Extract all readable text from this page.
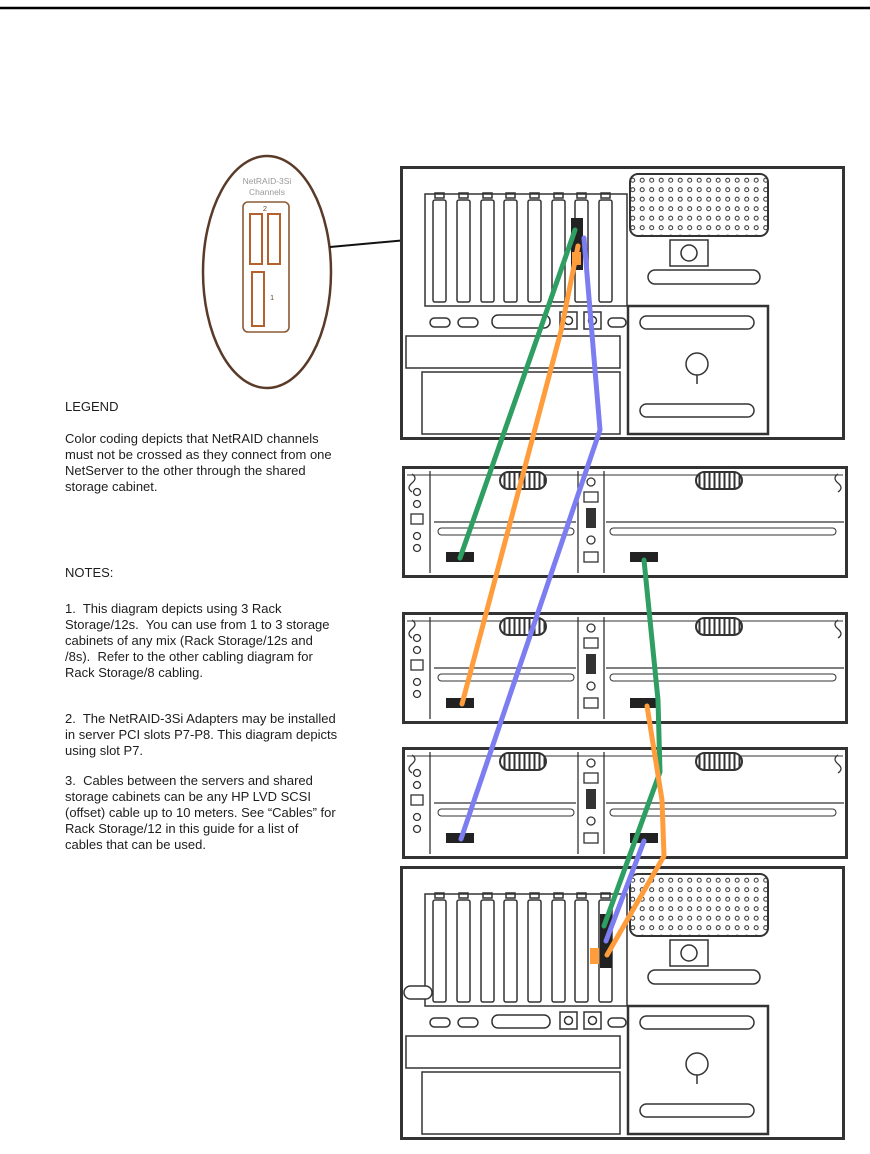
LEGEND
Color coding depicts that NetRAID channels must not be crossed as they connect from one NetServer to the other through the shared storage cabinet.
NOTES:
1.  This diagram depicts using 3 Rack Storage/12s.  You can use from 1 to 3 storage cabinets of any mix (Rack Storage/12s and /8s).  Refer to the other cabling diagram for Rack Storage/8 cabling.
2.  The NetRAID-3Si Adapters may be installed in server PCI slots P7-P8. This diagram depicts using slot P7.
3.  Cables between the servers and shared storage cabinets can be any HP LVD SCSI (offset) cable up to 10 meters. See “Cables” for Rack Storage/12 in this guide for a list of cables that can be used.
NetRAID-3Si
Channels
2
1
